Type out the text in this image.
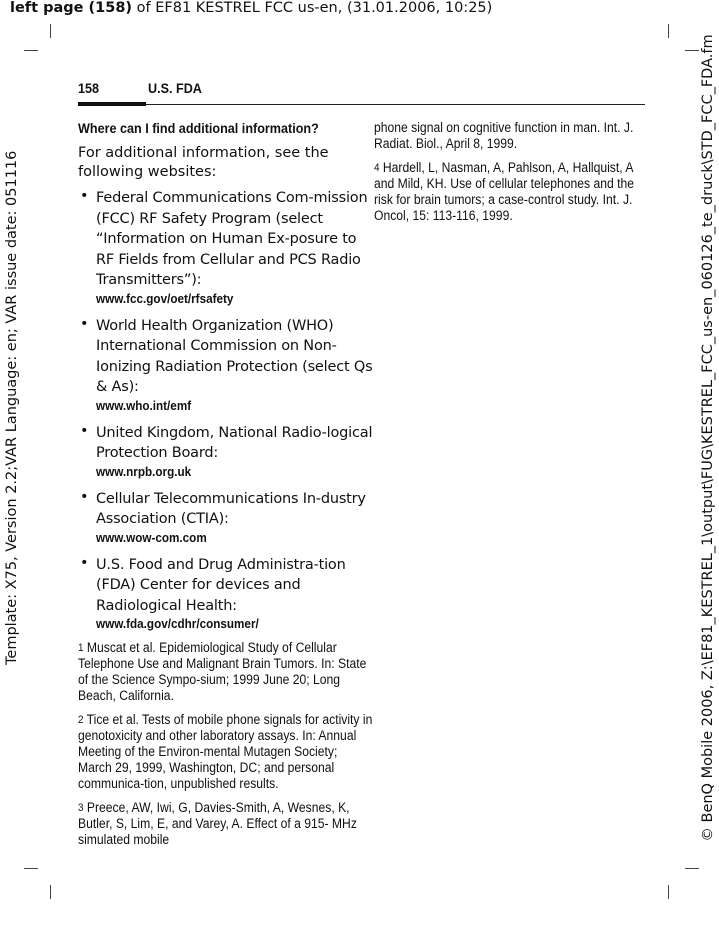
left page (158) of EF81 KESTREL FCC us-en, (31.01.2006, 10:25)
Template: X75, Version 2.2;VAR Language: en; VAR issue date: 051116	© BenQ Mobile 2006, Z:\EF81_KESTREL_1\output\FUG\KESTREL_FCC_us-en_060126_te_druck\STD_FCC_FDA.fm
158	U.S. FDA
Where can I find additional information?

For additional information, see the following websites:

• Federal Communications Com-mission (FCC) RF Safety Program (select “Information on Human Ex-posure to RF Fields from Cellular and PCS Radio Transmitters”):
www.fcc.gov/oet/rfsafety
• World Health Organization (WHO) International Commission on Non-Ionizing Radiation Protection (select Qs & As):
www.who.int/emf
• United Kingdom, National Radio-logical Protection Board:
www.nrpb.org.uk
• Cellular Telecommunications In-dustry Association (CTIA):
www.wow-com.com
• U.S. Food and Drug Administra-tion (FDA) Center for devices and Radiological Health:
www.fda.gov/cdhr/consumer/

1 Muscat et al. Epidemiological Study of Cellular Telephone Use and Malignant Brain Tumors. In: State of the Science Sympo-sium; 1999 June 20; Long Beach, California.

2 Tice et al. Tests of mobile phone signals for activity in genotoxicity and other laboratory assays. In: Annual Meeting of the Environ-mental Mutagen Society; March 29, 1999, Washington, DC; and personal communica-tion, unpublished results.

3 Preece, AW, Iwi, G, Davies-Smith, A, Wesnes, K, Butler, S, Lim, E, and Varey, A. Effect of a 915- MHz simulated mobile

phone signal on cognitive function in man. Int. J. Radiat. Biol., April 8, 1999.

4 Hardell, L, Nasman, A, Pahlson, A, Hallquist, A and Mild, KH. Use of cellular telephones and the risk for brain tumors; a case-control study. Int. J. Oncol, 15: 113-116, 1999.
